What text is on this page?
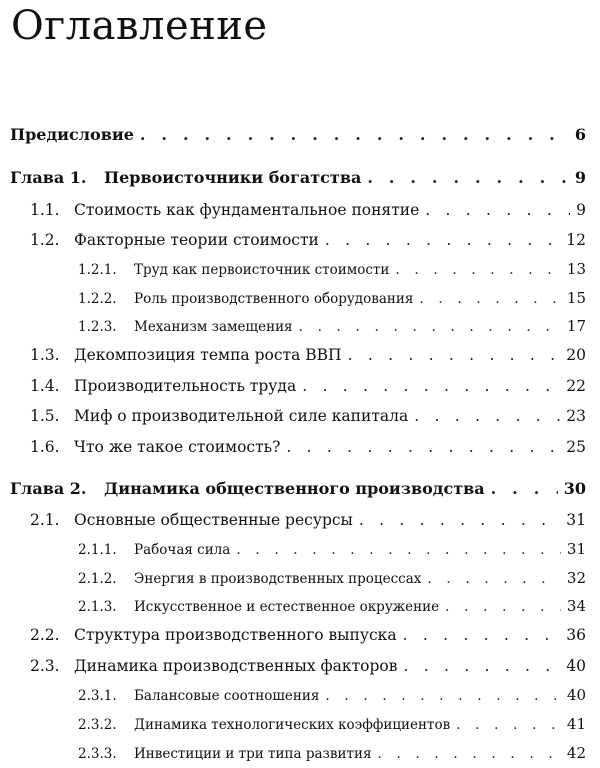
Оглавление
Предисловие . . .	6
Глава 1.	Первоисточники богатства . . .	9
1.1. Стоимость как фундаментальное понятие . . .	9
1.2. Факторные теории стоимости . . .	12
1.2.1.	Труд как первоисточник стоимости . . .	13
1.2.2.	Роль производственного оборудования . . .	15
1.2.3.	Механизм замещения . . .	17
1.3. Декомпозиция темпа роста ВВП . . .	20
1.4. Производительность труда . . .	22
1.5. Миф о производительной силе капитала . . .	23
1.6. Что же такое стоимость? . . .	25
Глава 2.	Динамика общественного производства . . .	30
2.1. Основные общественные ресурсы . . .	31
2.1.1.	Рабочая сила . . .	31
2.1.2.	Энергия в производственных процессах . . .	32
2.1.3.	Искусственное и естественное окружение . . .	34
2.2. Структура производственного выпуска . . .	36
2.3. Динамика производственных факторов . . .	40
2.3.1.	Балансовые соотношения . . .	40
2.3.2.	Динамика технологических коэффициентов . . .	41
2.3.3.	Инвестиции и три типа развития . . .	42
